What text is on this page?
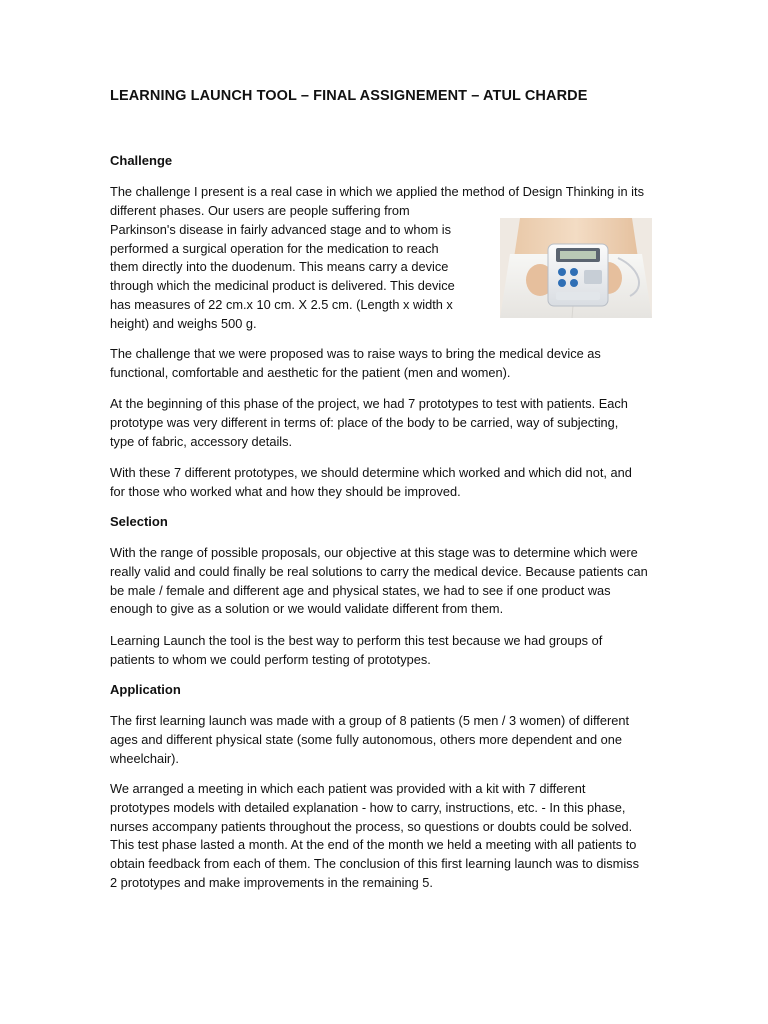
LEARNING LAUNCH TOOL – FINAL ASSIGNEMENT – ATUL CHARDE
Challenge
The challenge I present is a real case in which we applied the method of Design Thinking in its
different phases. Our users are people suffering from
Parkinson's disease in fairly advanced stage and to whom is
performed a surgical operation for the medication to reach
them directly into the duodenum. This means carry a device
through which the medicinal product is delivered. This device
has measures of 22 cm.x 10 cm. X 2.5 cm. (Length x width x
height) and weighs 500 g.
The challenge that we were proposed was to raise ways to bring the medical device as
functional, comfortable and aesthetic for the patient (men and women).
At the beginning of this phase of the project, we had 7 prototypes to test with patients. Each
prototype was very different in terms of: place of the body to be carried, way of subjecting,
type of fabric, accessory details.
With these 7 different prototypes, we should determine which worked and which did not, and
for those who worked what and how they should be improved.
Selection
With the range of possible proposals, our objective at this stage was to determine which were
really valid and could finally be real solutions to carry the medical device. Because patients can
be male / female and different age and physical states, we had to see if one product was
enough to give as a solution or we would validate different from them.
Learning Launch the tool is the best way to perform this test because we had groups of
patients to whom we could perform testing of prototypes.
Application
The first learning launch was made with a group of 8 patients (5 men / 3 women) of different
ages and different physical state (some fully autonomous, others more dependent and one
wheelchair).
We arranged a meeting in which each patient was provided with a kit with 7 different
prototypes models with detailed explanation - how to carry, instructions, etc. - In this phase,
nurses accompany patients throughout the process, so questions or doubts could be solved.
This test phase lasted a month. At the end of the month we held a meeting with all patients to
obtain feedback from each of them. The conclusion of this first learning launch was to dismiss
2 prototypes and make improvements in the remaining 5.
